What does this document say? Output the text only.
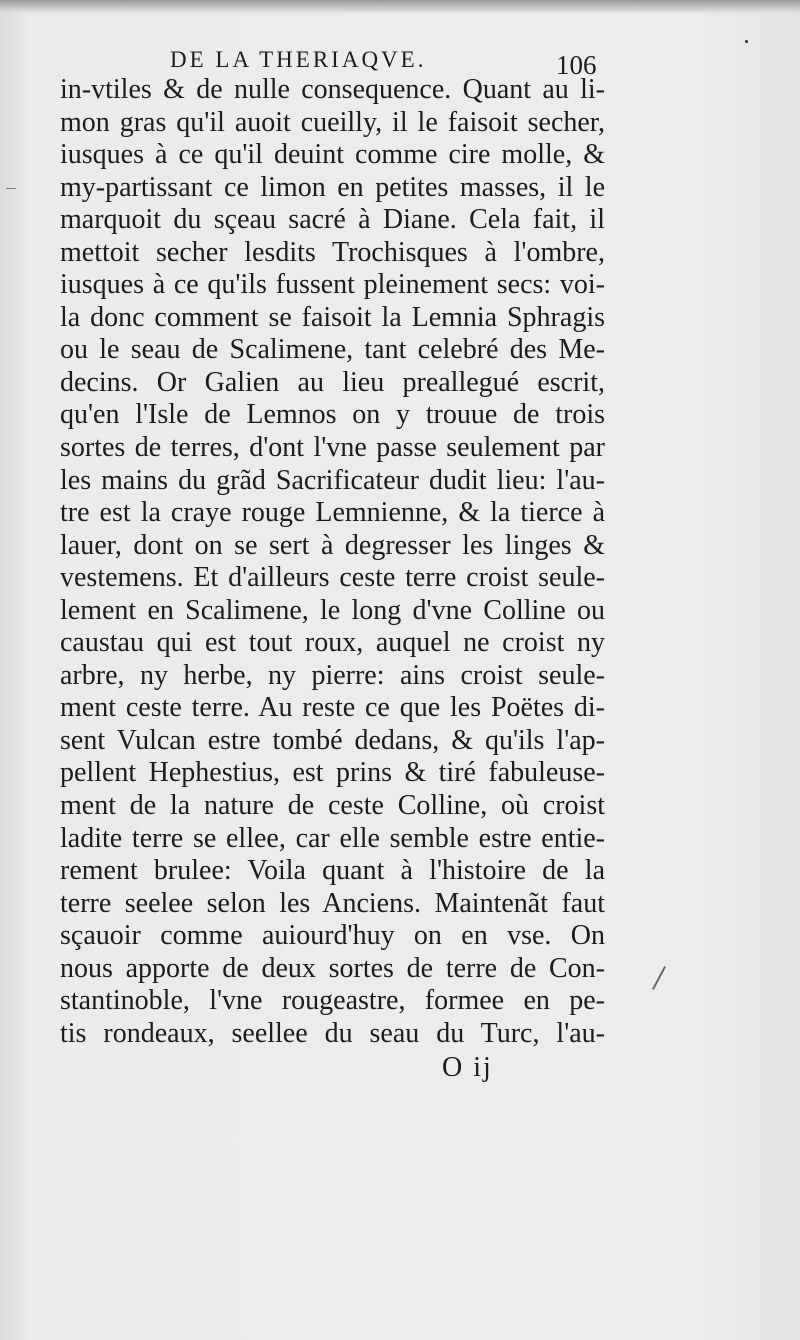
DE LA THERIAQVE.	106
in-vtiles & de nulle consequence. Quant au li-
mon gras qu'il auoit cueilly, il le faisoit secher,
iusques à ce qu'il deuint comme cire molle, &
my-partissant ce limon en petites masses, il le
marquoit du sçeau sacré à Diane. Cela fait, il
mettoit secher lesdits Trochisques à l'ombre,
iusques à ce qu'ils fussent pleinement secs: voi-
la donc comment se faisoit la Lemnia Sphragis
ou le seau de Scalimene, tant celebré des Me-
decins. Or Galien au lieu preallegué escrit,
qu'en l'Isle de Lemnos on y trouue de trois
sortes de terres, d'ont l'vne passe seulement par
les mains du grãd Sacrificateur dudit lieu: l'au-
tre est la craye rouge Lemnienne, & la tierce à
lauer, dont on se sert à degresser les linges &
vestemens. Et d'ailleurs ceste terre croist seule-
lement en Scalimene, le long d'vne Colline ou
caustau qui est tout roux, auquel ne croist ny
arbre, ny herbe, ny pierre: ains croist seule-
ment ceste terre. Au reste ce que les Poëtes di-
sent Vulcan estre tombé dedans, & qu'ils l'ap-
pellent Hephestius, est prins & tiré fabuleuse-
ment de la nature de ceste Colline, où croist
ladite terre se ellee, car elle semble estre entie-
rement brulee: Voila quant à l'histoire de la
terre seelee selon les Anciens. Maintenãt faut
sçauoir comme auiourd'huy on en vse. On
nous apporte de deux sortes de terre de Con-
stantinoble, l'vne rougeastre, formee en pe-
tis rondeaux, seellee du seau du Turc, l'au-
O ij
